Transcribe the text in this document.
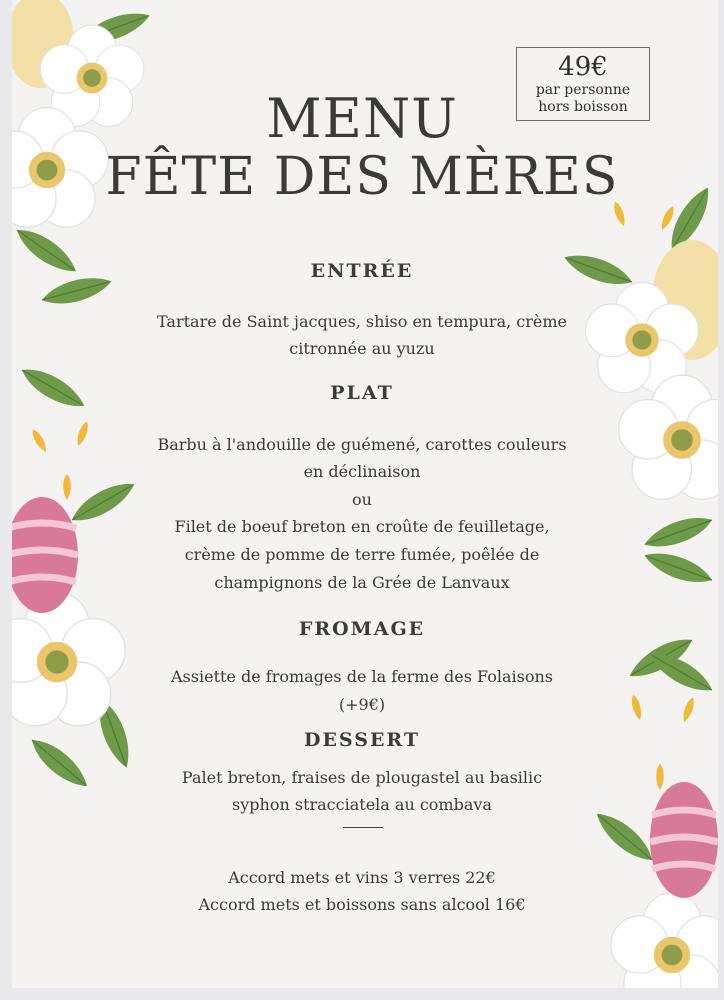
49€
par personne
hors boisson
MENU
FÊTE DES MÈRES
ENTRÉE
Tartare de Saint jacques, shiso en tempura, crème
citronnée au yuzu
PLAT
Barbu à l'andouille de guémené, carottes couleurs
en déclinaison
ou
Filet de boeuf breton en croûte de feuilletage,
crème de pomme de terre fumée, poêlée de
champignons de la Grée de Lanvaux
FROMAGE
Assiette de fromages de la ferme des Folaisons
(+9€)
DESSERT
Palet breton, fraises de plougastel au basilic
syphon stracciatela au combava
Accord mets et vins 3 verres 22€
Accord mets et boissons sans alcool 16€
